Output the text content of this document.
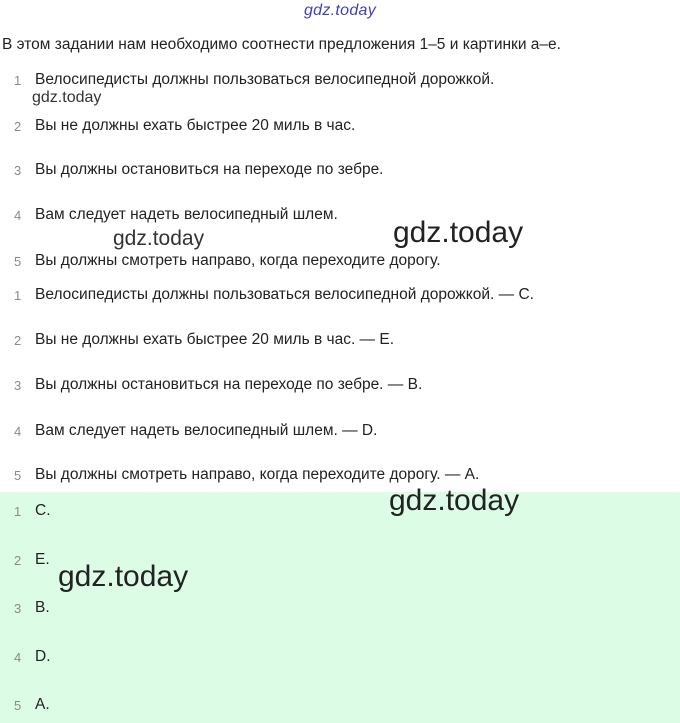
gdz.today
В этом задании нам необходимо соотнести предложения 1–5 и картинки a–e.
1 Велосипедисты должны пользоваться велосипедной дорожкой.
2 Вы не должны ехать быстрее 20 миль в час.
3 Вы должны остановиться на переходе по зебре.
4 Вам следует надеть велосипедный шлем.
5 Вы должны смотреть направо, когда переходите дорогу.
1 Велосипедисты должны пользоваться велосипедной дорожкой. — C.
2 Вы не должны ехать быстрее 20 миль в час. — E.
3 Вы должны остановиться на переходе по зебре. — B.
4 Вам следует надеть велосипедный шлем. — D.
5 Вы должны смотреть направо, когда переходите дорогу. — A.
1 C.
2 E.
3 B.
4 D.
5 A.
gdz.today
gdz.today	gdz.today
gdz.today
gdz.today
